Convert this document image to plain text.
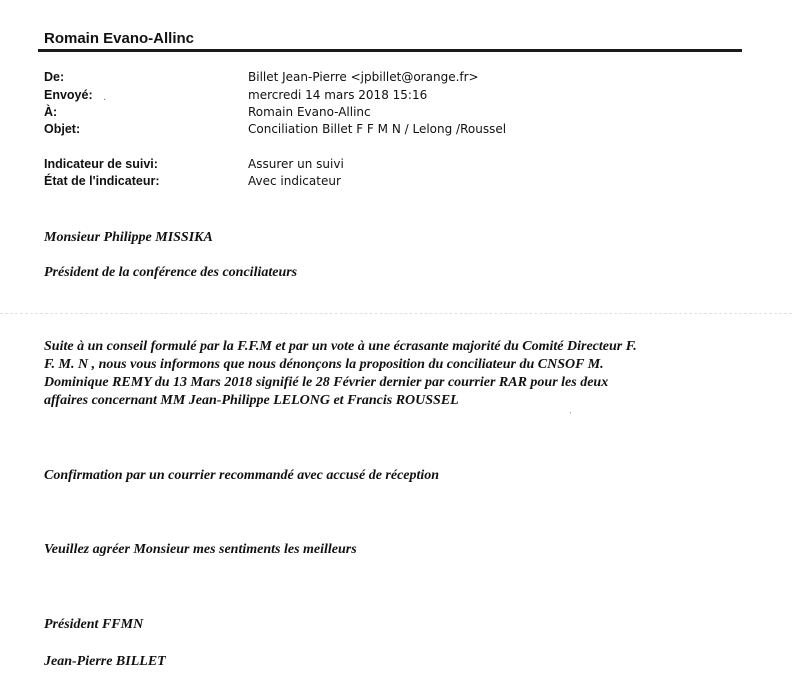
Romain Evano-Allinc
De:	Billet Jean-Pierre <jpbillet@orange.fr>
Envoyé:	mercredi 14 mars 2018 15:16
À:	Romain Evano-Allinc
Objet:	Conciliation Billet F F M N / Lelong /Roussel
Indicateur de suivi:	Assurer un suivi
État de l'indicateur:	Avec indicateur
Monsieur Philippe MISSIKA
Président de la conférence des conciliateurs
Suite à un conseil formulé par la F.F.M et par un vote à une écrasante majorité du Comité Directeur F.
F. M. N , nous vous informons que nous dénonçons la proposition du conciliateur du CNSOF M.
Dominique REMY du 13 Mars 2018 signifié le 28 Février dernier par courrier RAR pour les deux
affaires concernant MM Jean-Philippe LELONG et Francis ROUSSEL
Confirmation par un courrier recommandé avec accusé de réception
Veuillez agréer Monsieur mes sentiments les meilleurs
Président FFMN
Jean-Pierre BILLET
·
ˌ
